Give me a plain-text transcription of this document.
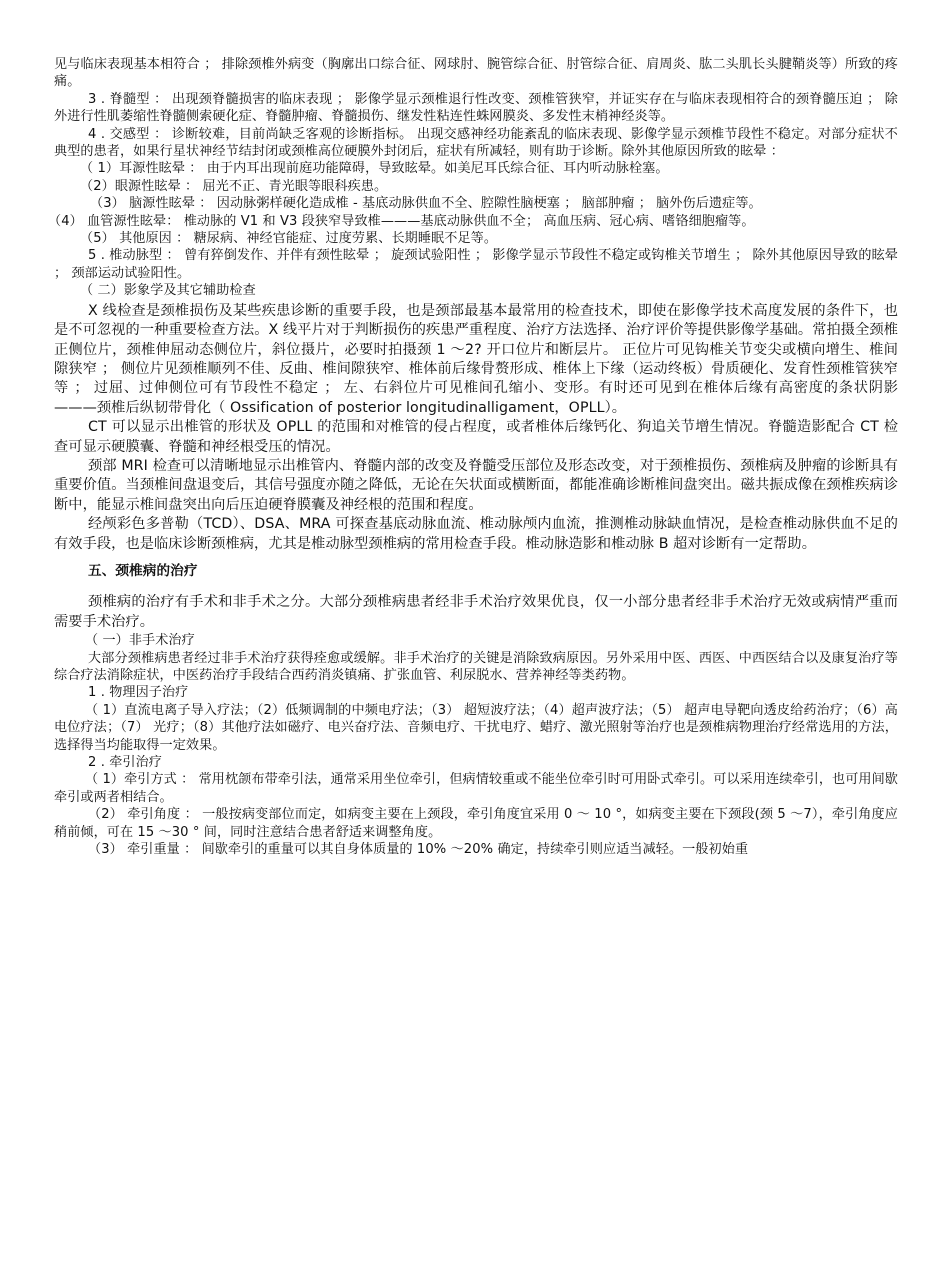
见与临床表现基本相符合 ； 排除颈椎外病变（胸廓出口综合征、网球肘、腕管综合征、肘管综合征、肩周炎、肱二头肌长头腱鞘炎等）所致的疼痛。

3 . 脊髓型 ： 出现颈脊髓损害的临床表现 ； 影像学显示颈椎退行性改变、颈椎管狭窄，并证实存在与临床表现相符合的颈脊髓压迫 ； 除外进行性肌萎缩性脊髓侧索硬化症、脊髓肿瘤、脊髓损伤、继发性粘连性蛛网膜炎、多发性末梢神经炎等。

4 . 交感型 ： 诊断较难，目前尚缺乏客观的诊断指标。 出现交感神经功能紊乱的临床表现、影像学显示颈椎节段性不稳定。对部分症状不典型的患者，如果行星状神经节结封闭或颈椎高位硬膜外封闭后，症状有所减轻，则有助于诊断。除外其他原因所致的眩晕 ：

（ 1）耳源性眩晕 ： 由于内耳出现前庭功能障碍，导致眩晕。如美尼耳氏综合征、耳内听动脉栓塞。

（2）眼源性眩晕 ： 屈光不正、青光眼等眼科疾患。

（3） 脑源性眩晕 ： 因动脉粥样硬化造成椎 - 基底动脉供血不全、腔隙性脑梗塞 ； 脑部肿瘤 ； 脑外伤后遗症等。

（4） 血管源性眩晕： 椎动脉的 V1 和 V3 段狭窄导致椎———基底动脉供血不全； 高血压病、冠心病、嗜铬细胞瘤等。

（5） 其他原因 ： 糖尿病、神经官能症、过度劳累、长期睡眠不足等。

5 . 椎动脉型 ： 曾有猝倒发作、并伴有颈性眩晕 ； 旋颈试验阳性 ； 影像学显示节段性不稳定或钩椎关节增生 ； 除外其他原因导致的眩晕 ； 颈部运动试验阳性。

（ 二）影象学及其它辅助检查

X 线检查是颈椎损伤及某些疾患诊断的重要手段，也是颈部最基本最常用的检查技术，即使在影像学技术高度发展的条件下，也是不可忽视的一种重要检查方法。X 线平片对于判断损伤的疾患严重程度、治疗方法选择、治疗评价等提供影像学基础。常拍摄全颈椎正侧位片，颈椎伸屈动态侧位片，斜位摄片，必要时拍摄颈 1 ～2? 开口位片和断层片。 正位片可见钩椎关节变尖或横向增生、椎间隙狭窄 ； 侧位片见颈椎顺列不佳、反曲、椎间隙狭窄、椎体前后缘骨赘形成、椎体上下缘（运动终板）骨质硬化、发育性颈椎管狭窄等 ； 过屈、过伸侧位可有节段性不稳定 ； 左、右斜位片可见椎间孔缩小、变形。有时还可见到在椎体后缘有高密度的条状阴影———颈椎后纵韧带骨化（ Ossification of posterior longitudinalligament，OPLL）。

CT 可以显示出椎管的形状及 OPLL 的范围和对椎管的侵占程度，或者椎体后缘钙化、狗追关节增生情况。脊髓造影配合 CT 检查可显示硬膜囊、脊髓和神经根受压的情况。

颈部 MRI 检查可以清晰地显示出椎管内、脊髓内部的改变及脊髓受压部位及形态改变，对于颈椎损伤、颈椎病及肿瘤的诊断具有重要价值。当颈椎间盘退变后，其信号强度亦随之降低，无论在矢状面或横断面，都能准确诊断椎间盘突出。磁共振成像在颈椎疾病诊断中，能显示椎间盘突出向后压迫硬脊膜囊及神经根的范围和程度。

经颅彩色多普勒（TCD）、DSA、MRA 可探查基底动脉血流、椎动脉颅内血流，推测椎动脉缺血情况，是检查椎动脉供血不足的有效手段，也是临床诊断颈椎病，尤其是椎动脉型颈椎病的常用检查手段。椎动脉造影和椎动脉 B 超对诊断有一定帮助。

五、颈椎病的治疗

颈椎病的治疗有手术和非手术之分。大部分颈椎病患者经非手术治疗效果优良，仅一小部分患者经非手术治疗无效或病情严重而需要手术治疗。

（ 一）非手术治疗

大部分颈椎病患者经过非手术治疗获得痊愈或缓解。非手术治疗的关键是消除致病原因。另外采用中医、西医、中西医结合以及康复治疗等综合疗法消除症状，中医药治疗手段结合西药消炎镇痛、扩张血管、利尿脱水、营养神经等类药物。

1 . 物理因子治疗

（ 1）直流电离子导入疗法；（2）低频调制的中频电疗法；（3） 超短波疗法；（4）超声波疗法；（5） 超声电导靶向透皮给药治疗；（6）高电位疗法；（7） 光疗；（8）其他疗法如磁疗、电兴奋疗法、音频电疗、干扰电疗、蜡疗、激光照射等治疗也是颈椎病物理治疗经常选用的方法，选择得当均能取得一定效果。

2 . 牵引治疗

（ 1）牵引方式 ： 常用枕颌布带牵引法，通常采用坐位牵引，但病情较重或不能坐位牵引时可用卧式牵引。可以采用连续牵引，也可用间歇牵引或两者相结合。

（2） 牵引角度 ： 一般按病变部位而定，如病变主要在上颈段，牵引角度宜采用 0 ～ 10 °，如病变主要在下颈段(颈 5 ～7），牵引角度应稍前倾，可在 15 ～30 ° 间，同时注意结合患者舒适来调整角度。

（3） 牵引重量 ： 间歇牵引的重量可以其自身体质量的 10% ～20% 确定，持续牵引则应适当减轻。一般初始重
